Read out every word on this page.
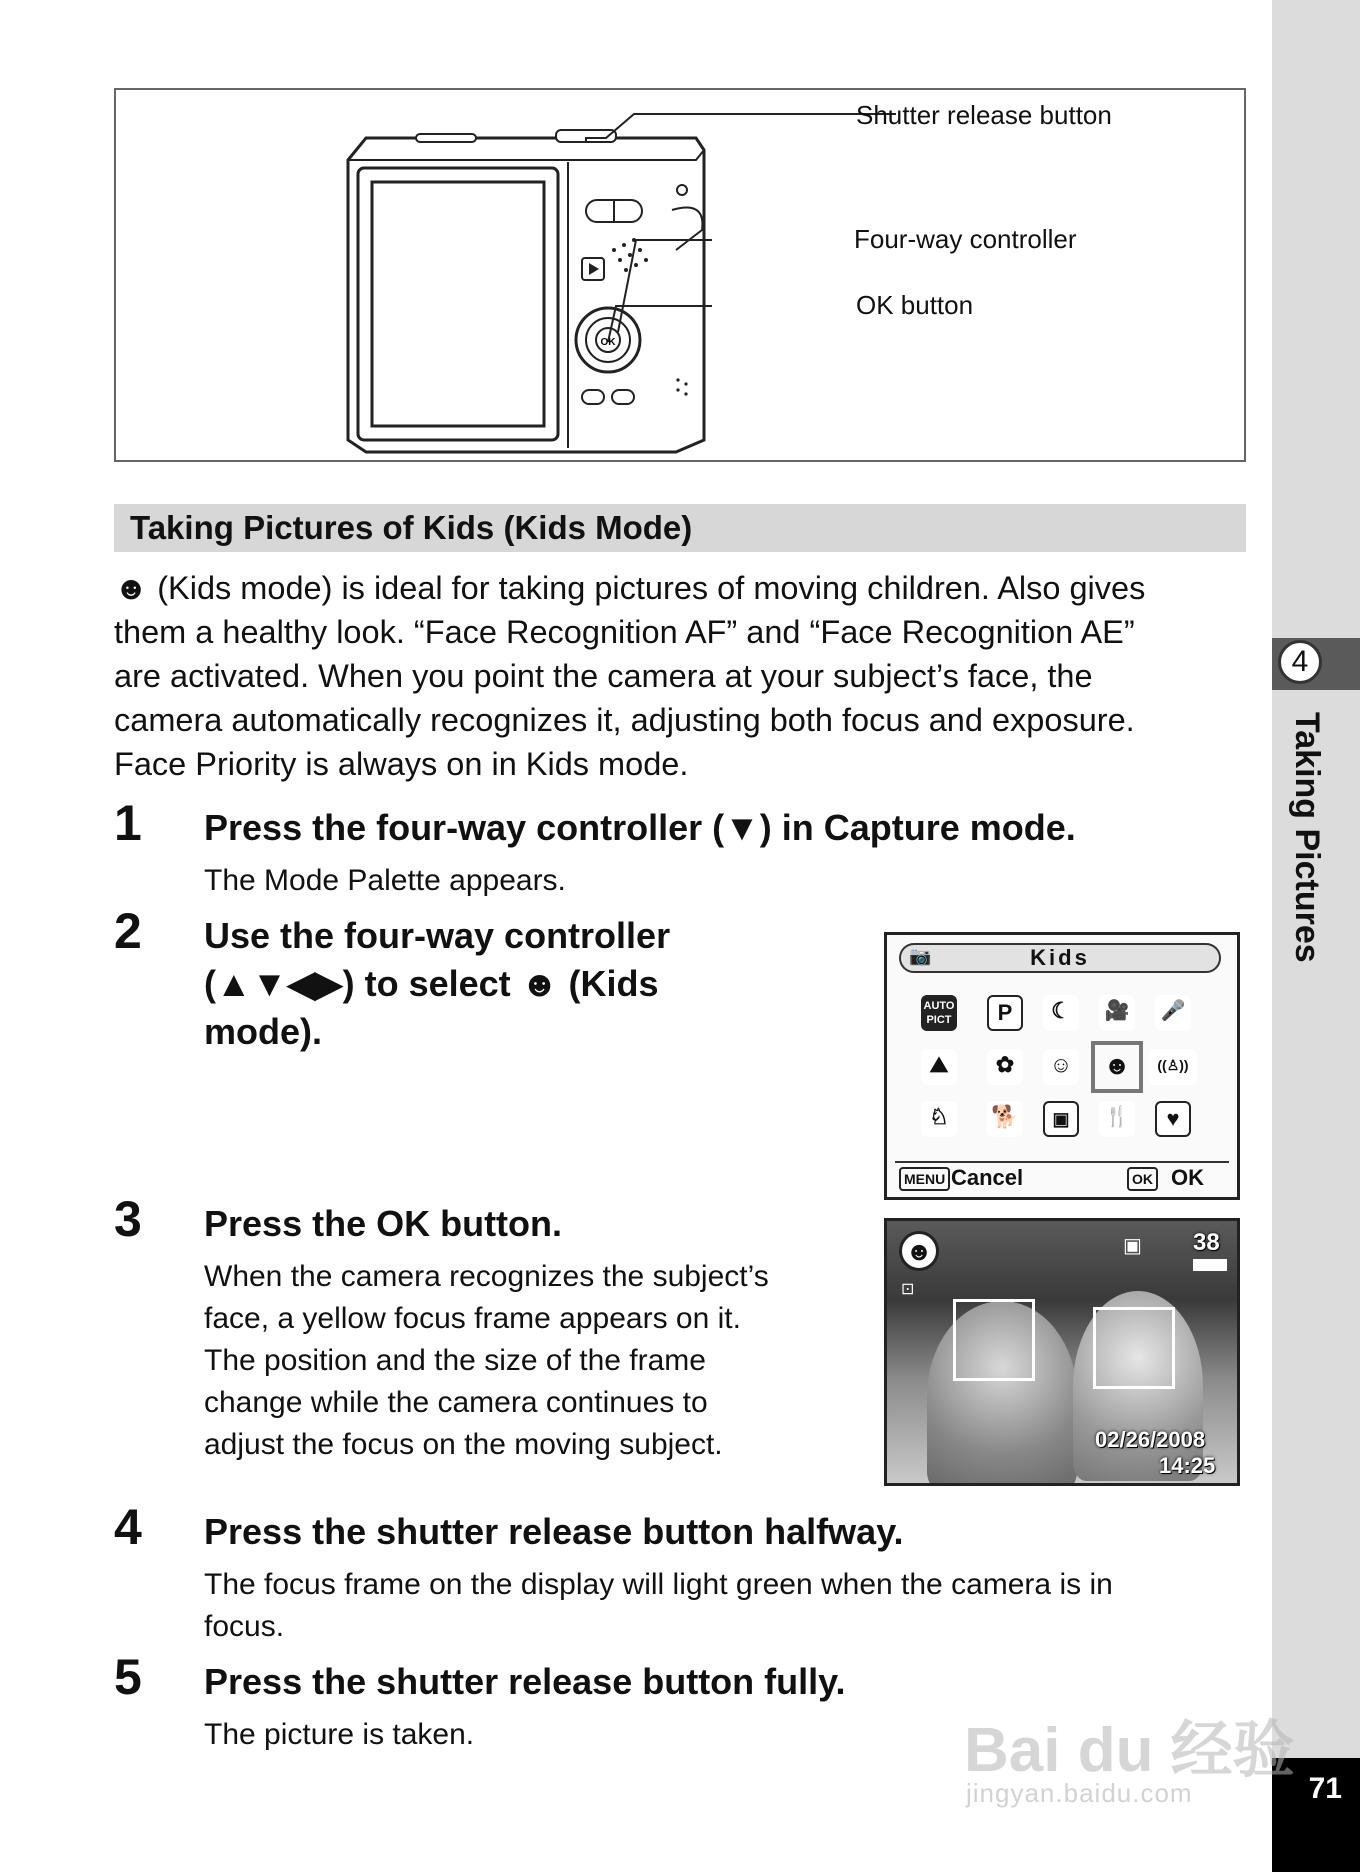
4
Taking Pictures
71
OK
Shutter release button
Four-way controller
OK button
Taking Pictures of Kids (Kids Mode)

☻ (Kids mode) is ideal for taking pictures of moving children. Also gives

them a healthy look. “Face Recognition AF” and “Face Recognition AE”

are activated. When you point the camera at your subject’s face, the

camera automatically recognizes it, adjusting both focus and exposure.

Face Priority is always on in Kids mode.

1 Press the four-way controller (▼) in Capture mode.
The Mode Palette appears.
2 Use the four-way controller
(▲▼◀▶) to select ☻ (Kids
mode).
📷	Kids
AUTO PICT	P	☾	🎥 🎤
⛰	✿	☺ ☻	((♙))
♘	🐕	▣	🍴	♥
MENU Cancel	OK OK
3 Press the OK button.
When the camera recognizes the subject’s
face, a yellow focus frame appears on it.
The position and the size of the frame
change while the camera continues to
adjust the focus on the moving subject.
☻
⊡
▣ 38
02/26/2008
14:25
4 Press the shutter release button halfway.
The focus frame on the display will light green when the camera is in
focus.
5 Press the shutter release button fully.
The picture is taken.	Bai du 经验
jingyan.baidu.com
